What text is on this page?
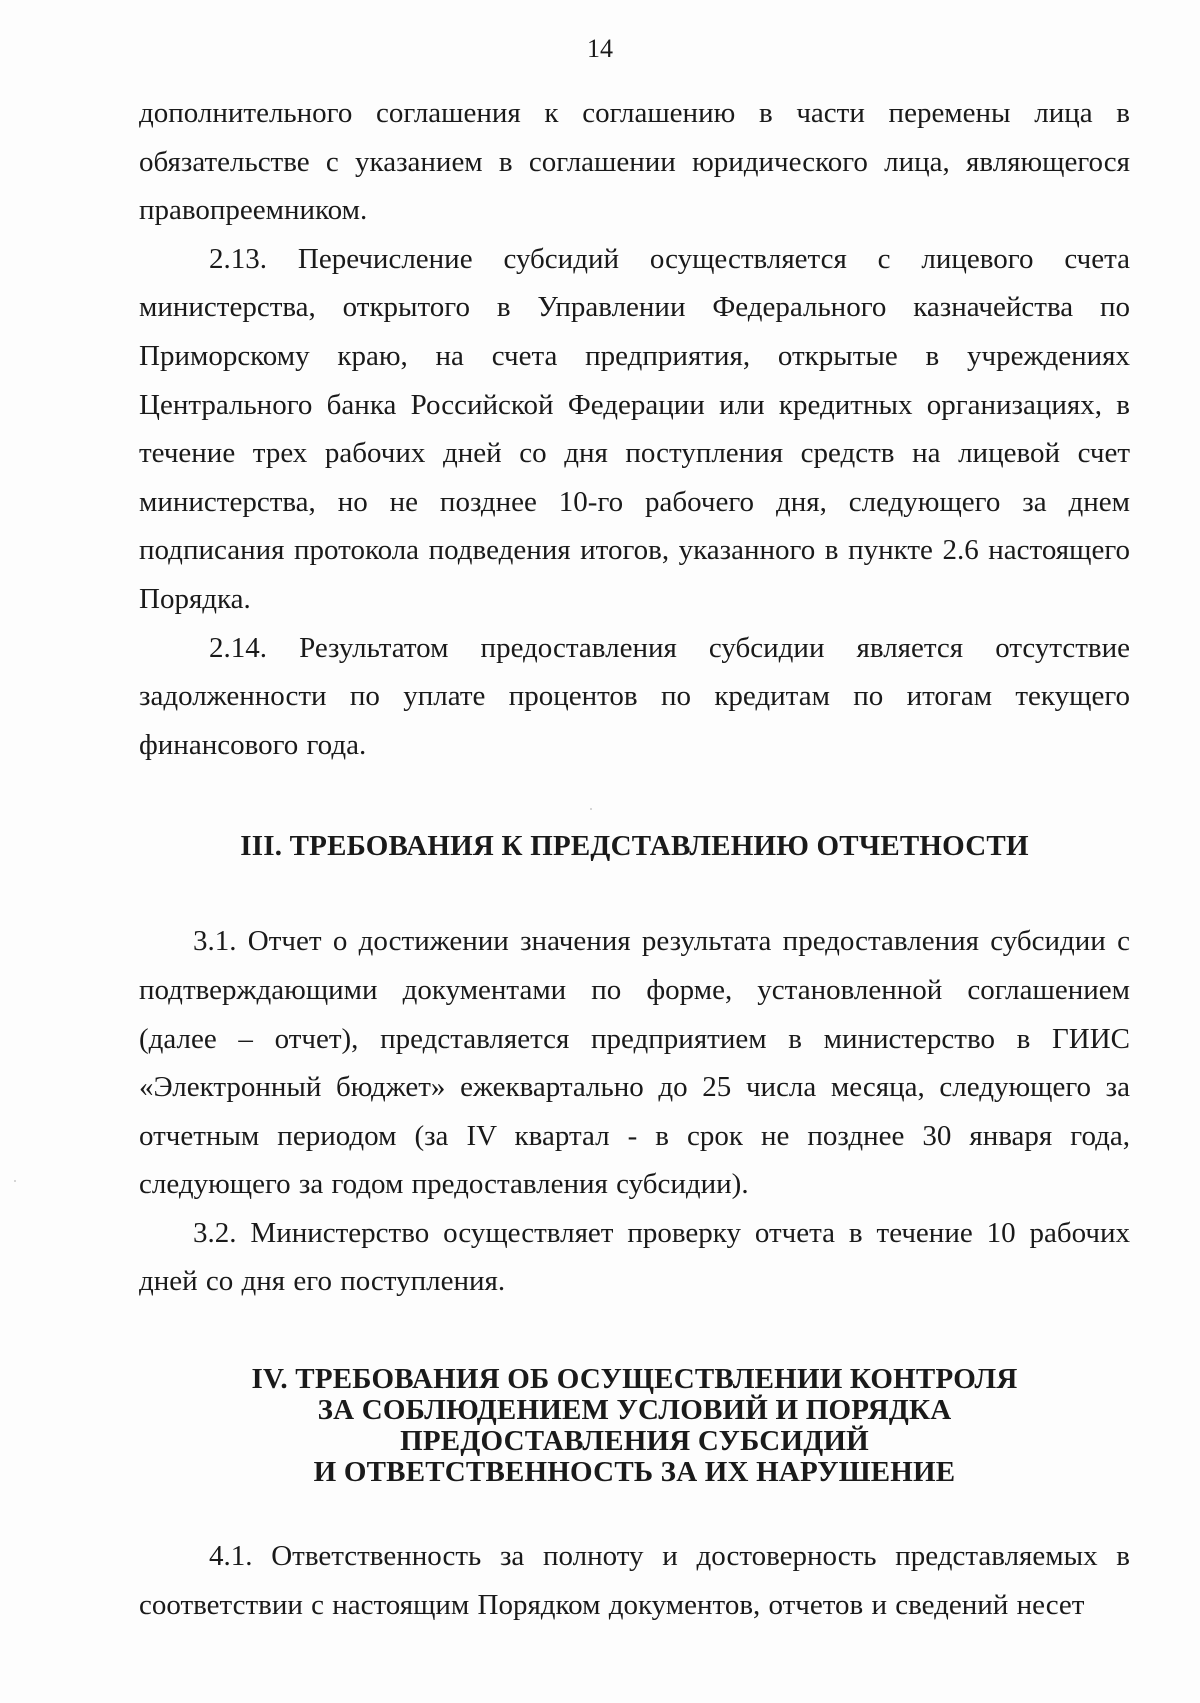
14

дополнительного соглашения к соглашению в части перемены лица в обязательстве с указанием в соглашении юридического лица, являющегося правопреемником.

2.13. Перечисление субсидий осуществляется с лицевого счета министерства, открытого в Управлении Федерального казначейства по Приморскому краю, на счета предприятия, открытые в учреждениях Центрального банка Российской Федерации или кредитных организациях, в течение трех рабочих дней со дня поступления средств на лицевой счет министерства, но не позднее 10-го рабочего дня, следующего за днем подписания протокола подведения итогов, указанного в пункте 2.6 настоящего Порядка.

2.14. Результатом предоставления субсидии является отсутствие задолженности по уплате процентов по кредитам по итогам текущего финансового года.

III. ТРЕБОВАНИЯ К ПРЕДСТАВЛЕНИЮ ОТЧЕТНОСТИ

3.1. Отчет о достижении значения результата предоставления субсидии с подтверждающими документами по форме, установленной соглашением (далее – отчет), представляется предприятием в министерство в ГИИС «Электронный бюджет» ежеквартально до 25 числа месяца, следующего за отчетным периодом (за IV квартал - в срок не позднее 30 января года, следующего за годом предоставления субсидии).

3.2. Министерство осуществляет проверку отчета в течение 10 рабочих дней со дня его поступления.

IV. ТРЕБОВАНИЯ ОБ ОСУЩЕСТВЛЕНИИ КОНТРОЛЯ
ЗА СОБЛЮДЕНИЕМ УСЛОВИЙ И ПОРЯДКА
ПРЕДОСТАВЛЕНИЯ СУБСИДИЙ
И ОТВЕТСТВЕННОСТЬ ЗА ИХ НАРУШЕНИЕ

4.1. Ответственность за полноту и достоверность представляемых в соответствии с настоящим Порядком документов, отчетов и сведений несет
